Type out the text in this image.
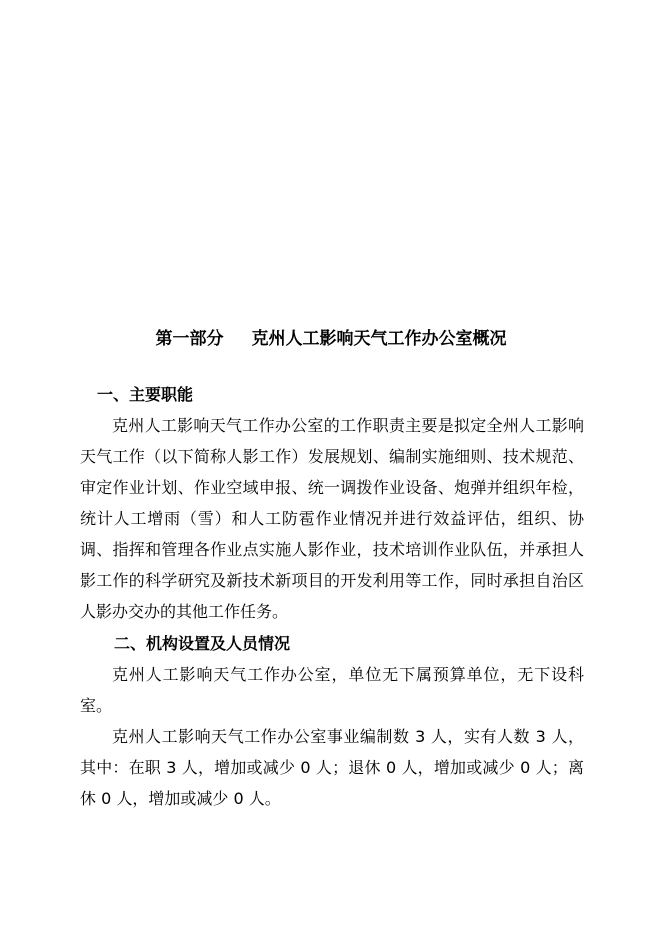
第一部分 克州人工影响天气工作办公室概况
一、主要职能
克州人工影响天气工作办公室的工作职责主要是拟定全州人工影响天气工作（以下简称人影工作）发展规划、编制实施细则、技术规范、审定作业计划、作业空域申报、统一调拨作业设备、炮弹并组织年检，统计人工增雨（雪）和人工防雹作业情况并进行效益评估，组织、协调、指挥和管理各作业点实施人影作业，技术培训作业队伍，并承担人影工作的科学研究及新技术新项目的开发利用等工作，同时承担自治区人影办交办的其他工作任务。
二、机构设置及人员情况
克州人工影响天气工作办公室，单位无下属预算单位，无下设科室。
克州人工影响天气工作办公室事业编制数 3 人，实有人数 3 人，其中：在职 3 人，增加或减少 0 人；退休 0 人，增加或减少 0 人；离休 0 人，增加或减少 0 人。
